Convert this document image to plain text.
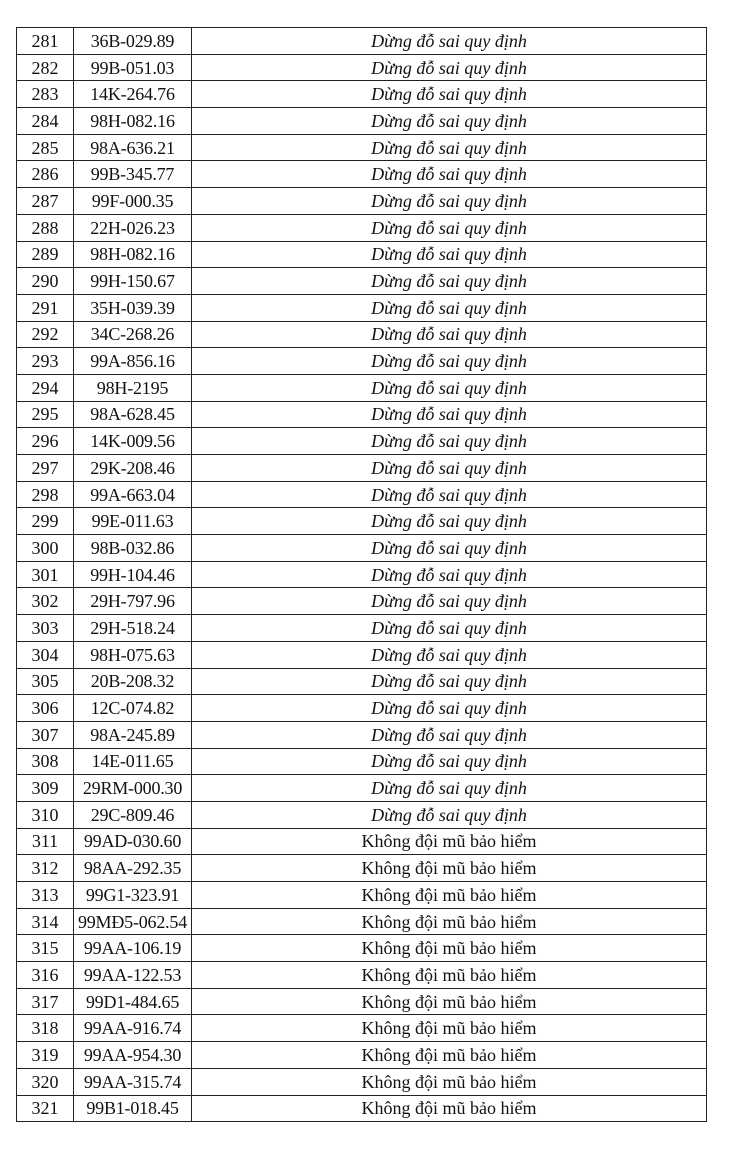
281	36B-029.89	Dừng đỗ sai quy định
282	99B-051.03	Dừng đỗ sai quy định
283	14K-264.76	Dừng đỗ sai quy định
284	98H-082.16	Dừng đỗ sai quy định
285	98A-636.21	Dừng đỗ sai quy định
286	99B-345.77	Dừng đỗ sai quy định
287	99F-000.35	Dừng đỗ sai quy định
288	22H-026.23	Dừng đỗ sai quy định
289	98H-082.16	Dừng đỗ sai quy định
290	99H-150.67	Dừng đỗ sai quy định
291	35H-039.39	Dừng đỗ sai quy định
292	34C-268.26	Dừng đỗ sai quy định
293	99A-856.16	Dừng đỗ sai quy định
294	98H-2195	Dừng đỗ sai quy định
295	98A-628.45	Dừng đỗ sai quy định
296	14K-009.56	Dừng đỗ sai quy định
297	29K-208.46	Dừng đỗ sai quy định
298	99A-663.04	Dừng đỗ sai quy định
299	99E-011.63	Dừng đỗ sai quy định
300	98B-032.86	Dừng đỗ sai quy định
301	99H-104.46	Dừng đỗ sai quy định
302	29H-797.96	Dừng đỗ sai quy định
303	29H-518.24	Dừng đỗ sai quy định
304	98H-075.63	Dừng đỗ sai quy định
305	20B-208.32	Dừng đỗ sai quy định
306	12C-074.82	Dừng đỗ sai quy định
307	98A-245.89	Dừng đỗ sai quy định
308	14E-011.65	Dừng đỗ sai quy định
309	29RM-000.30	Dừng đỗ sai quy định
310	29C-809.46	Dừng đỗ sai quy định
311	99AD-030.60	Không đội mũ bảo hiểm
312	98AA-292.35	Không đội mũ bảo hiểm
313	99G1-323.91	Không đội mũ bảo hiểm
314	99MĐ5-062.54	Không đội mũ bảo hiểm
315	99AA-106.19	Không đội mũ bảo hiểm
316	99AA-122.53	Không đội mũ bảo hiểm
317	99D1-484.65	Không đội mũ bảo hiểm
318	99AA-916.74	Không đội mũ bảo hiểm
319	99AA-954.30	Không đội mũ bảo hiểm
320	99AA-315.74	Không đội mũ bảo hiểm
321	99B1-018.45	Không đội mũ bảo hiểm
